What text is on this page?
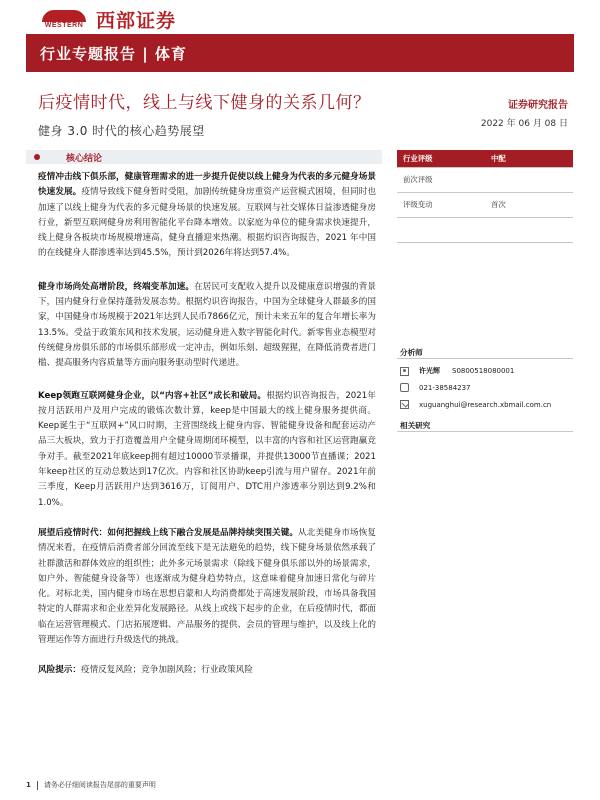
WESTERN 西部证券
行业专题报告 | 体育
后疫情时代，线上与线下健身的关系几何？	证券研究报告
2022 年 06 月 08 日
健身 3.0 时代的核心趋势展望
核心结论

疫情冲击线下俱乐部，健康管理需求的进一步提升促使以线上健身为代表的多元健身场景快速发展。疫情导致线下健身暂时受阻，加剧传统健身房重资产运营模式困境，但同时也加速了以线上健身为代表的多元健身场景的快速发展。互联网与社交媒体日益渗透健身房行业，新型互联网健身房利用智能化平台降本增效。以家庭为单位的健身需求快速提升，线上健身各板块市场规模增速高，健身直播迎来热潮。根据灼识咨询报告，2021 年中国的在线健身人群渗透率达到45.5%，预计到2026年将达到57.4%。

健身市场尚处高增阶段，终端变革加速。在居民可支配收入提升以及健康意识增强的背景下，国内健身行业保持蓬勃发展态势。根据灼识咨询报告，中国为全球健身人群最多的国家，中国健身市场规模于2021年达到人民币7866亿元，预计未来五年的复合年增长率为13.5%。受益于政策东风和技术发展，运动健身进入数字智能化时代。新零售业态模型对传统健身房俱乐部的市场俱乐部形成一定冲击，例如乐刻、超级猩猩，在降低消费者进门槛、提高服务内容质量等方面向服务驱动型时代递进。

Keep领跑互联网健身企业，以“内容+社区”成长和破局。根据灼识咨询报告，2021年按月活跃用户及用户完成的锻炼次数计算，keep是中国最大的线上健身服务提供商。Keep诞生于“互联网+”风口时期，主营围绕线上健身内容、智能健身设备和配套运动产品三大板块，致力于打造覆盖用户全健身周期闭环模型，以丰富的内容和社区运营跑赢竞争对手。截至2021年底keep拥有超过10000节录播课，并提供13000节直播课；2021年keep社区的互动总数达到17亿次。内容和社区协助keep引流与用户留存。2021年前三季度，Keep月活跃用户达到3616万，订阅用户、DTC用户渗透率分别达到9.2%和1.0%。

展望后疫情时代：如何把握线上线下融合发展是品牌持续突围关键。从北美健身市场恢复情况来看，在疫情后消费者部分回流至线下是无法避免的趋势，线下健身场景依然承载了社群激活和群体效应的组织性；此外多元场景需求（除线下健身俱乐部以外的场景需求，如户外、智能健身设备等）也逐渐成为健身趋势特点，这意味着健身加速日常化与碎片化。对标北美，国内健身市场在思想启蒙和人均消费都处于高速发展阶段，市场具备我国特定的人群需求和企业差异化发展路径。从线上或线下起步的企业，在后疫情时代，都面临在运营管理模式、门店拓展逻辑、产品服务的提供、会员的管理与维护，以及线上化的管理运作等方面进行升级迭代的挑战。

风险提示：疫情反复风险；竞争加剧风险；行业政策风险

行业评级	中配
前次评级	
评级变动	首次

分析师
许光辉 S0800518080001
021-38584237
xuguanghui@research.xbmail.com.cn
相关研究
1 请务必仔细阅读报告尾部的重要声明
